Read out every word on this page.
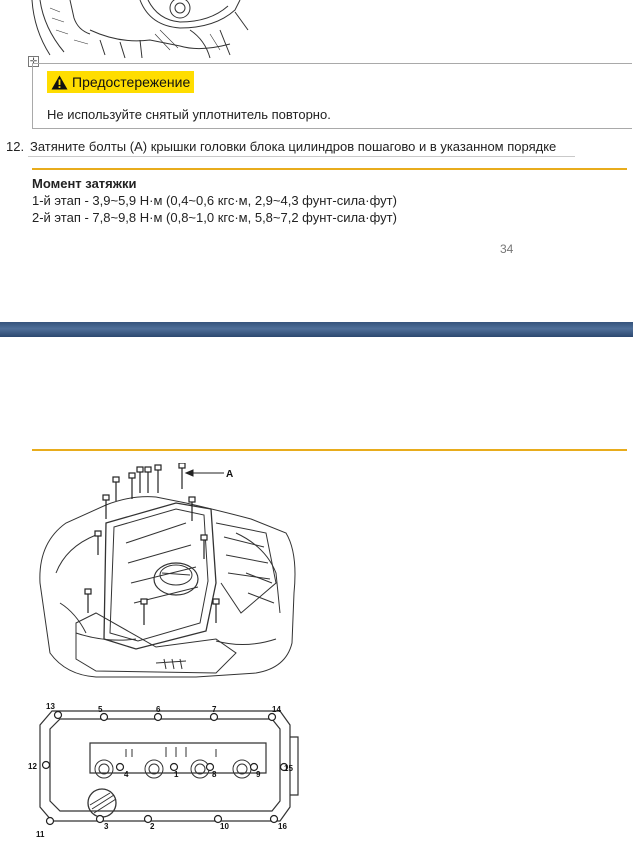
✛
Предостережение
Не используйте снятый уплотнитель повторно.
12. Затяните болты (A) крышки головки блока цилиндров пошагово и в указанном порядке
Момент затяжки
1-й этап - 3,9~5,9 Н·м (0,4~0,6 кгс·м, 2,9~4,3 фунт-сила·фут)
2-й этап - 7,8~9,8 Н·м (0,8~1,0 кгс·м, 5,8~7,2 фунт-сила·фут)
34
A
1
2
3
4
5	6	7
8	9
10
11
12
13	14
15
16
